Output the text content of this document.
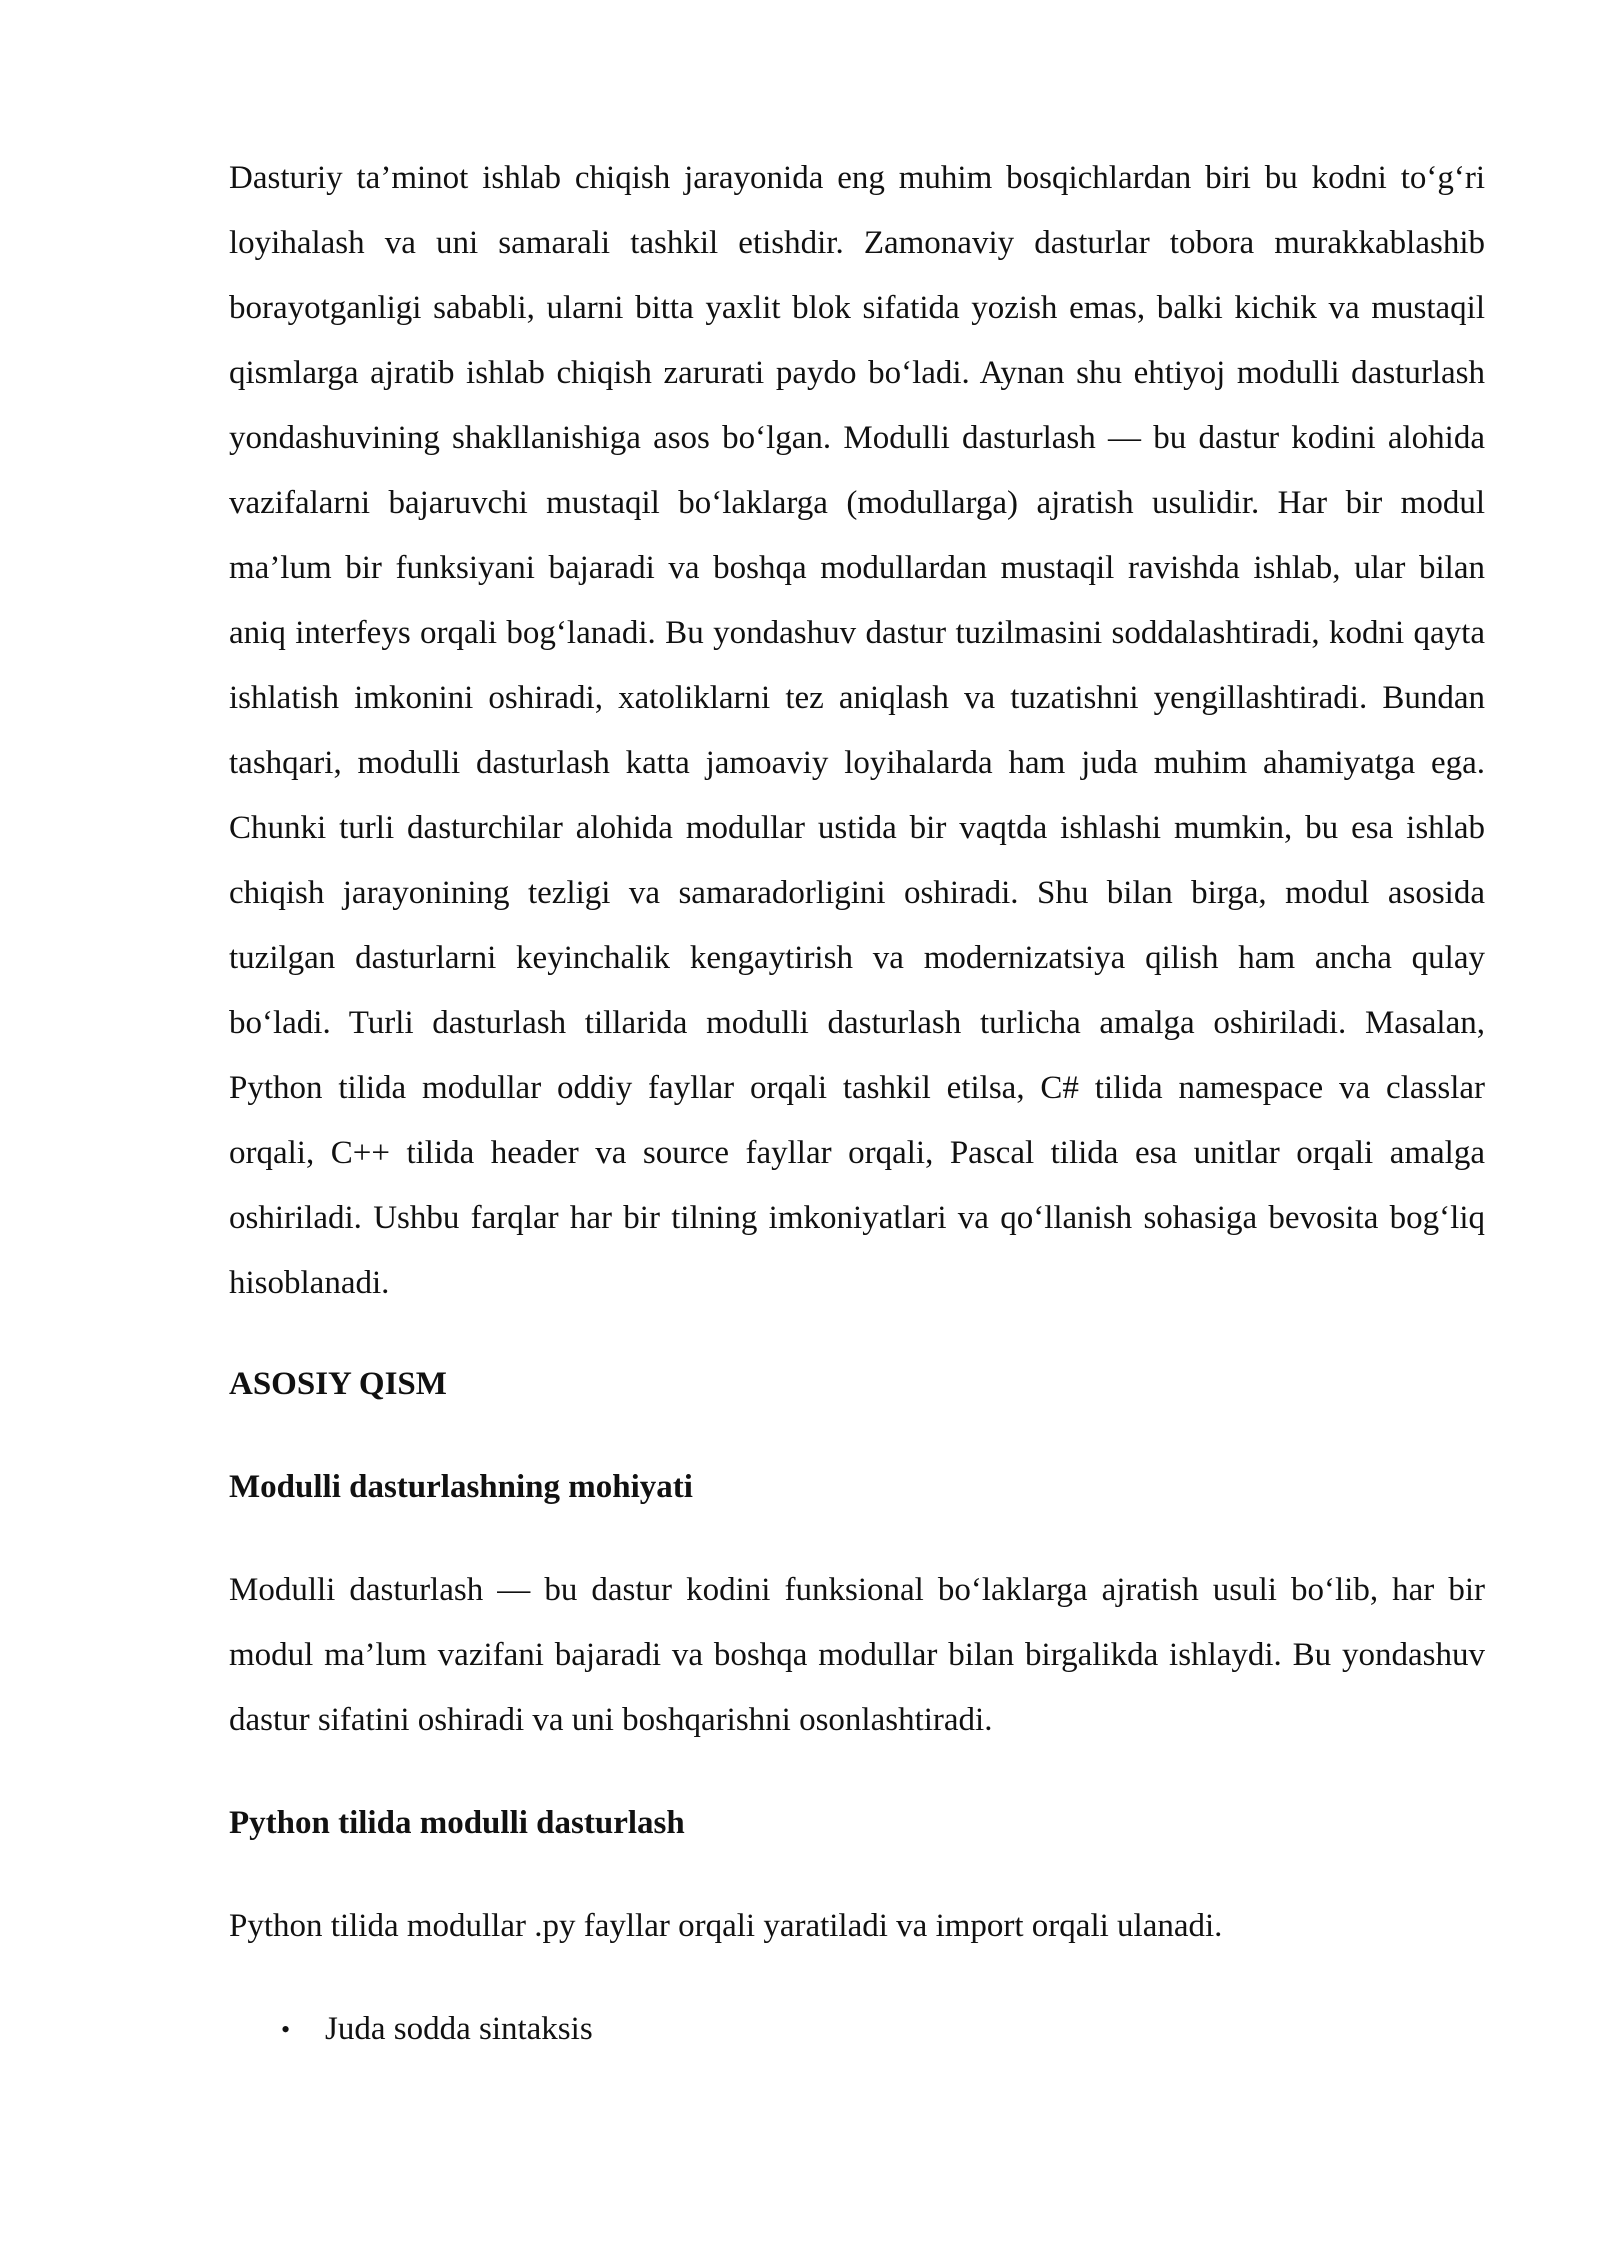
Dasturiy ta’minot ishlab chiqish jarayonida eng muhim bosqichlardan biri bu kodni to‘g‘ri loyihalash va uni samarali tashkil etishdir. Zamonaviy dasturlar tobora murakkablashib borayotganligi sababli, ularni bitta yaxlit blok sifatida yozish emas, balki kichik va mustaqil qismlarga ajratib ishlab chiqish zarurati paydo bo‘ladi. Aynan shu ehtiyoj modulli dasturlash yondashuvining shakllanishiga asos bo‘lgan. Modulli dasturlash — bu dastur kodini alohida vazifalarni bajaruvchi mustaqil bo‘laklarga (modullarga) ajratish usulidir. Har bir modul ma’lum bir funksiyani bajaradi va boshqa modullardan mustaqil ravishda ishlab, ular bilan aniq interfeys orqali bog‘lanadi. Bu yondashuv dastur tuzilmasini soddalashtiradi, kodni qayta ishlatish imkonini oshiradi, xatoliklarni tez aniqlash va tuzatishni yengillashtiradi. Bundan tashqari, modulli dasturlash katta jamoaviy loyihalarda ham juda muhim ahamiyatga ega. Chunki turli dasturchilar alohida modullar ustida bir vaqtda ishlashi mumkin, bu esa ishlab chiqish jarayonining tezligi va samaradorligini oshiradi. Shu bilan birga, modul asosida tuzilgan dasturlarni keyinchalik kengaytirish va modernizatsiya qilish ham ancha qulay bo‘ladi. Turli dasturlash tillarida modulli dasturlash turlicha amalga oshiriladi. Masalan, Python tilida modullar oddiy fayllar orqali tashkil etilsa, C# tilida namespace va classlar orqali, C++ tilida header va source fayllar orqali, Pascal tilida esa unitlar orqali amalga oshiriladi. Ushbu farqlar har bir tilning imkoniyatlari va qo‘llanish sohasiga bevosita bog‘liq hisoblanadi.

ASOSIY QISM
Modulli dasturlashning mohiyati

Modulli dasturlash — bu dastur kodini funksional bo‘laklarga ajratish usuli bo‘lib, har bir modul ma’lum vazifani bajaradi va boshqa modullar bilan birgalikda ishlaydi. Bu yondashuv dastur sifatini oshiradi va uni boshqarishni osonlashtiradi.

Python tilida modulli dasturlash

Python tilida modullar .py fayllar orqali yaratiladi va import orqali ulanadi.

• Juda sodda sintaksis
